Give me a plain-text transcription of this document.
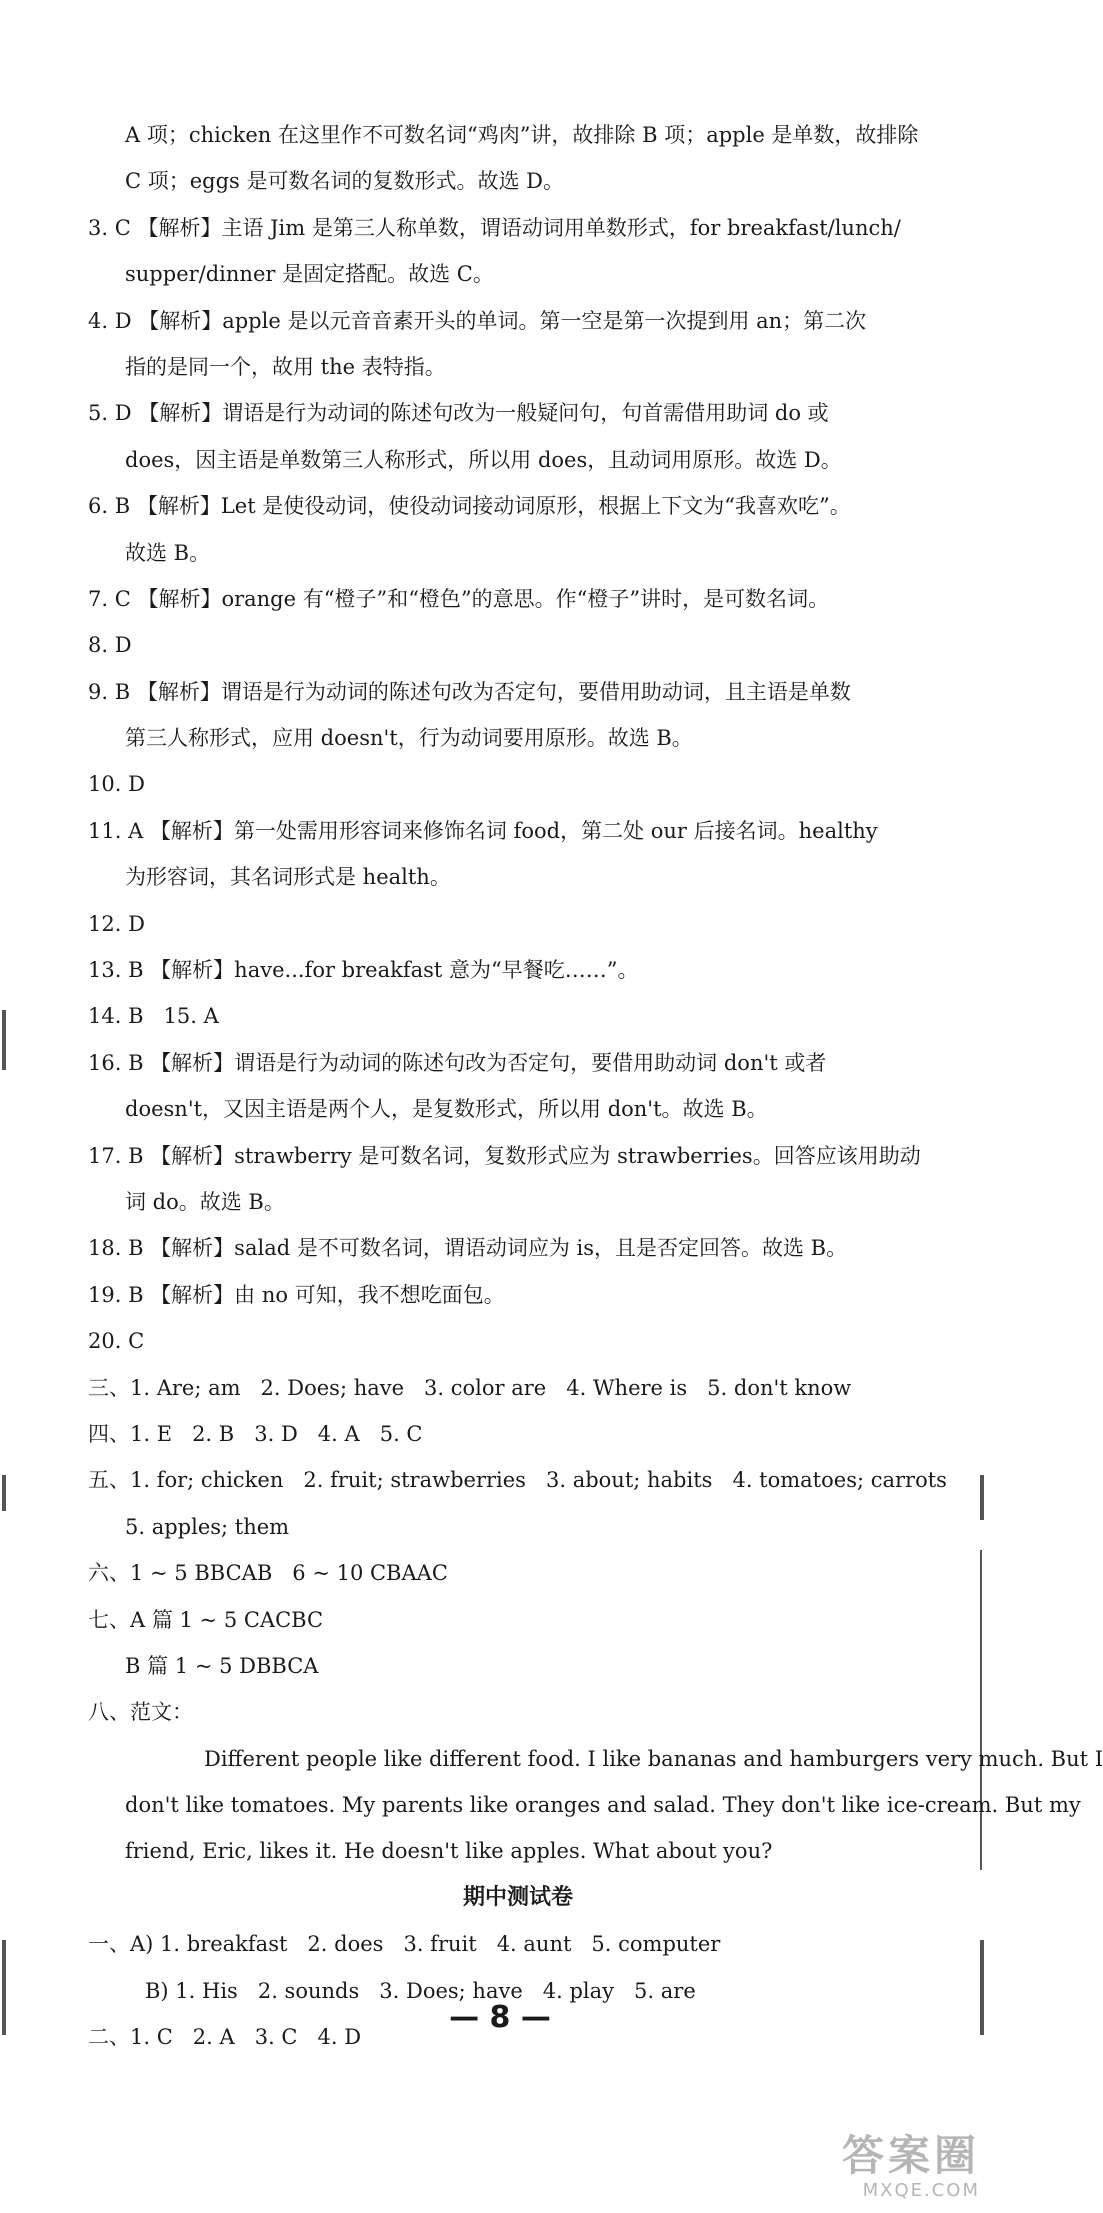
A 项；chicken 在这里作不可数名词“鸡肉”讲，故排除 B 项；apple 是单数，故排除
C 项；eggs 是可数名词的复数形式。故选 D。
3. C 【解析】主语 Jim 是第三人称单数，谓语动词用单数形式，for breakfast/lunch/
supper/dinner 是固定搭配。故选 C。
4. D 【解析】apple 是以元音音素开头的单词。第一空是第一次提到用 an；第二次
指的是同一个，故用 the 表特指。
5. D 【解析】谓语是行为动词的陈述句改为一般疑问句，句首需借用助词 do 或
does，因主语是单数第三人称形式，所以用 does，且动词用原形。故选 D。
6. B 【解析】Let 是使役动词，使役动词接动词原形，根据上下文为“我喜欢吃”。
故选 B。
7. C 【解析】orange 有“橙子”和“橙色”的意思。作“橙子”讲时，是可数名词。
8. D
9. B 【解析】谓语是行为动词的陈述句改为否定句，要借用助动词，且主语是单数
第三人称形式，应用 doesn't，行为动词要用原形。故选 B。
10. D
11. A 【解析】第一处需用形容词来修饰名词 food，第二处 our 后接名词。healthy
为形容词，其名词形式是 health。
12. D
13. B 【解析】have...for breakfast 意为“早餐吃……”。
14. B   15. A
16. B 【解析】谓语是行为动词的陈述句改为否定句，要借用助动词 don't 或者
doesn't，又因主语是两个人，是复数形式，所以用 don't。故选 B。
17. B 【解析】strawberry 是可数名词，复数形式应为 strawberries。回答应该用助动
词 do。故选 B。
18. B 【解析】salad 是不可数名词，谓语动词应为 is，且是否定回答。故选 B。
19. B 【解析】由 no 可知，我不想吃面包。
20. C
三、1. Are; am   2. Does; have   3. color are   4. Where is   5. don't know
四、1. E   2. B   3. D   4. A   5. C
五、1. for; chicken   2. fruit; strawberries   3. about; habits   4. tomatoes; carrots
5. apples; them
六、1 ~ 5 BBCAB   6 ~ 10 CBAAC
七、A 篇 1 ~ 5 CACBC
B 篇 1 ~ 5 DBBCA
八、范文：
Different people like different food. I like bananas and hamburgers very much. But I
don't like tomatoes. My parents like oranges and salad. They don't like ice-cream. But my
friend, Eric, likes it. He doesn't like apples. What about you?
期中测试卷
一、A) 1. breakfast   2. does   3. fruit   4. aunt   5. computer
B) 1. His   2. sounds   3. Does; have   4. play   5. are
二、1. C   2. A   3. C   4. D
— 8 —
答案圈
MXQE.COM
